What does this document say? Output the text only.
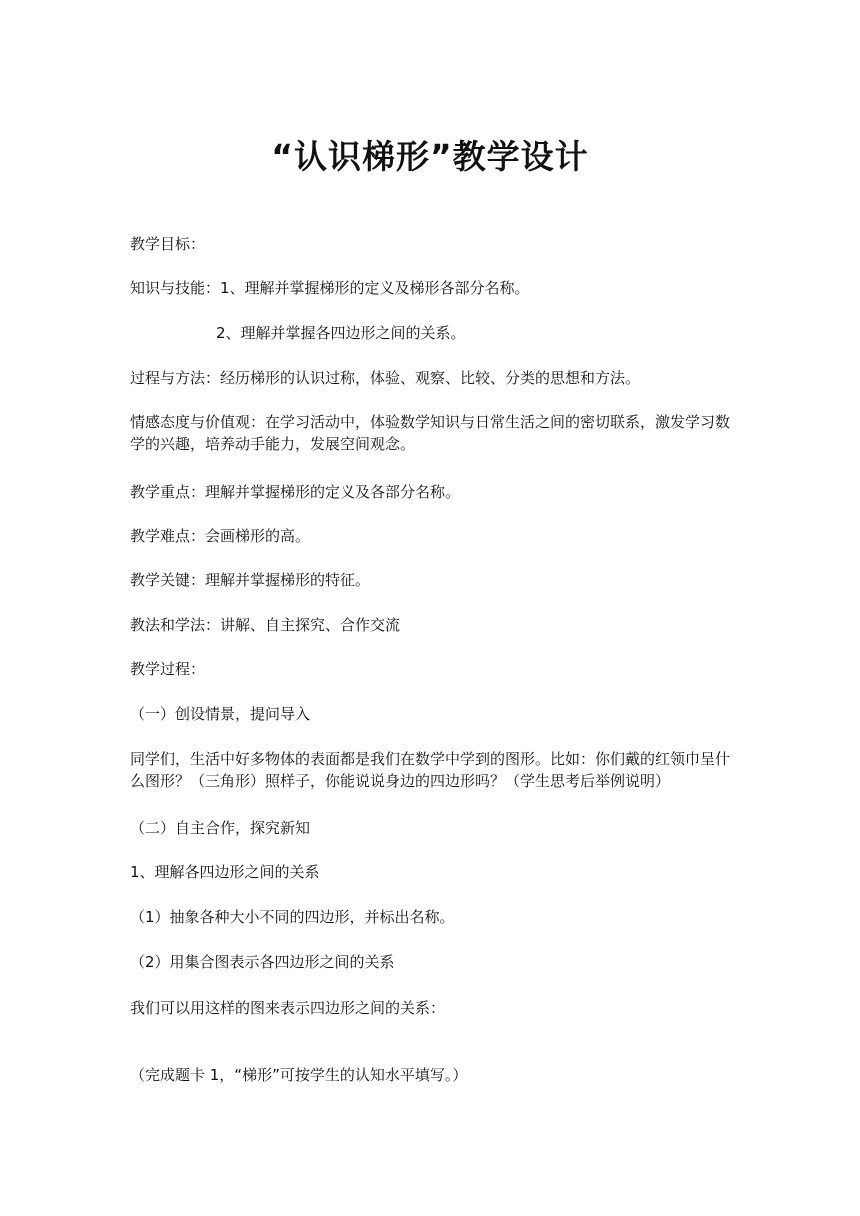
“认识梯形”教学设计
教学目标：
知识与技能：1、理解并掌握梯形的定义及梯形各部分名称。
2、理解并掌握各四边形之间的关系。
过程与方法：经历梯形的认识过称，体验、观察、比较、分类的思想和方法。
情感态度与价值观：在学习活动中，体验数学知识与日常生活之间的密切联系，激发学习数
学的兴趣，培养动手能力，发展空间观念。
教学重点：理解并掌握梯形的定义及各部分名称。
教学难点：会画梯形的高。
教学关键：理解并掌握梯形的特征。
教法和学法：讲解、自主探究、合作交流
教学过程：
（一）创设情景，提问导入
同学们，生活中好多物体的表面都是我们在数学中学到的图形。比如：你们戴的红领巾呈什
么图形？（三角形）照样子，你能说说身边的四边形吗？（学生思考后举例说明）
（二）自主合作，探究新知
1、理解各四边形之间的关系
（1）抽象各种大小不同的四边形，并标出名称。
（2）用集合图表示各四边形之间的关系
我们可以用这样的图来表示四边形之间的关系：
（完成题卡 1，“梯形”可按学生的认知水平填写。）
